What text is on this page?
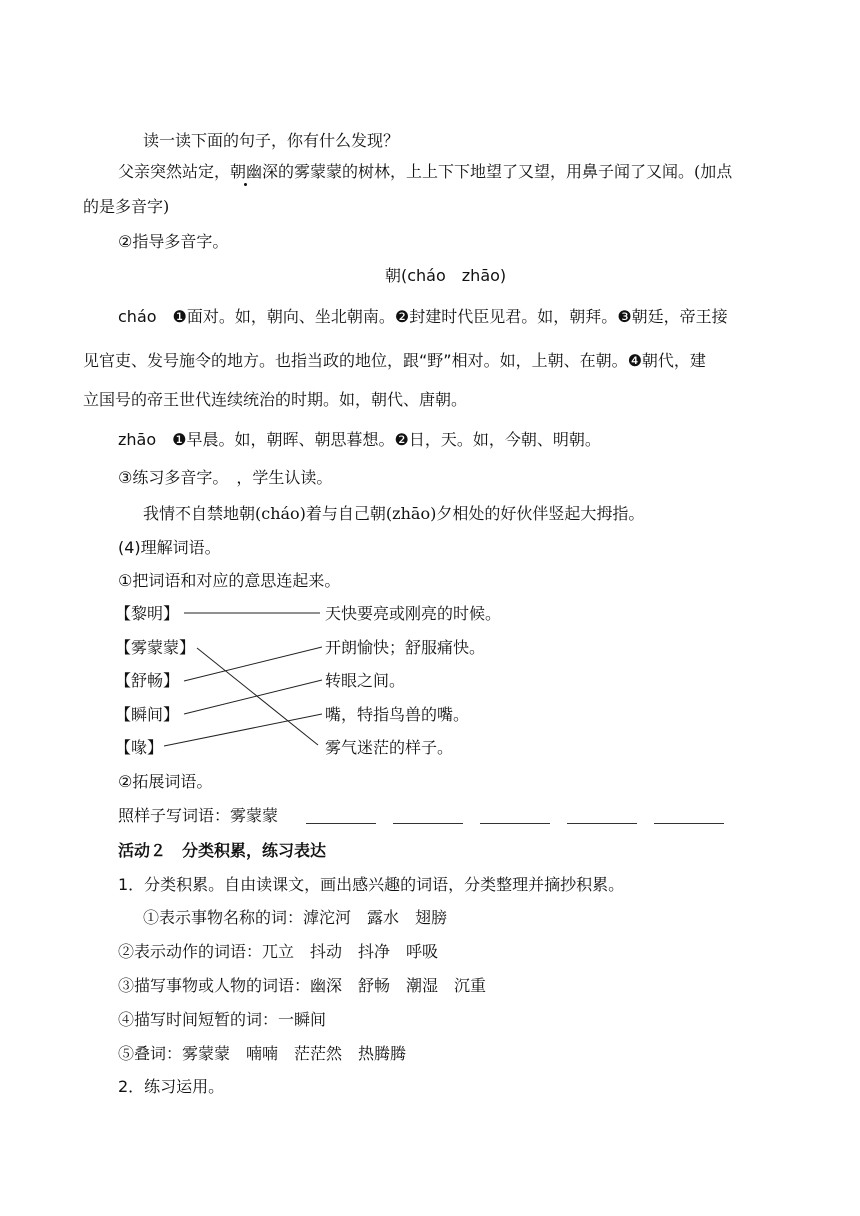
读一读下面的句子，你有什么发现？
父亲突然站定，朝幽深的雾蒙蒙的树林，上上下下地望了又望，用鼻子闻了又闻。(加点
的是多音字)
②指导多音字。
朝(cháo　zhāo)
cháo　❶面对。如，朝向、坐北朝南。❷封建时代臣见君。如，朝拜。❸朝廷，帝王接
见官吏、发号施令的地方。也指当政的地位，跟“野”相对。如，上朝、在朝。❹朝代，建
立国号的帝王世代连续统治的时期。如，朝代、唐朝。
zhāo　❶早晨。如，朝晖、朝思暮想。❷日，天。如，今朝、明朝。
③练习多音字。　，学生认读。
我情不自禁地朝(cháo)着与自己朝(zhāo)夕相处的好伙伴竖起大拇指。
(4)理解词语。
①把词语和对应的意思连起来。
【黎明】
【雾蒙蒙】
【舒畅】
【瞬间】
【喙】
天快要亮或刚亮的时候。
开朗愉快；舒服痛快。
转眼之间。
嘴，特指鸟兽的嘴。
雾气迷茫的样子。
②拓展词语。
照样子写词语：雾蒙蒙
活动２　分类积累，练习表达
1．分类积累。自由读课文，画出感兴趣的词语，分类整理并摘抄积累。
①表示事物名称的词：滹沱河　露水　翅膀
②表示动作的词语：兀立　抖动　抖净　呼吸
③描写事物或人物的词语：幽深　舒畅　潮湿　沉重
④描写时间短暂的词：一瞬间
⑤叠词：雾蒙蒙　喃喃　茫茫然　热腾腾
2．练习运用。
